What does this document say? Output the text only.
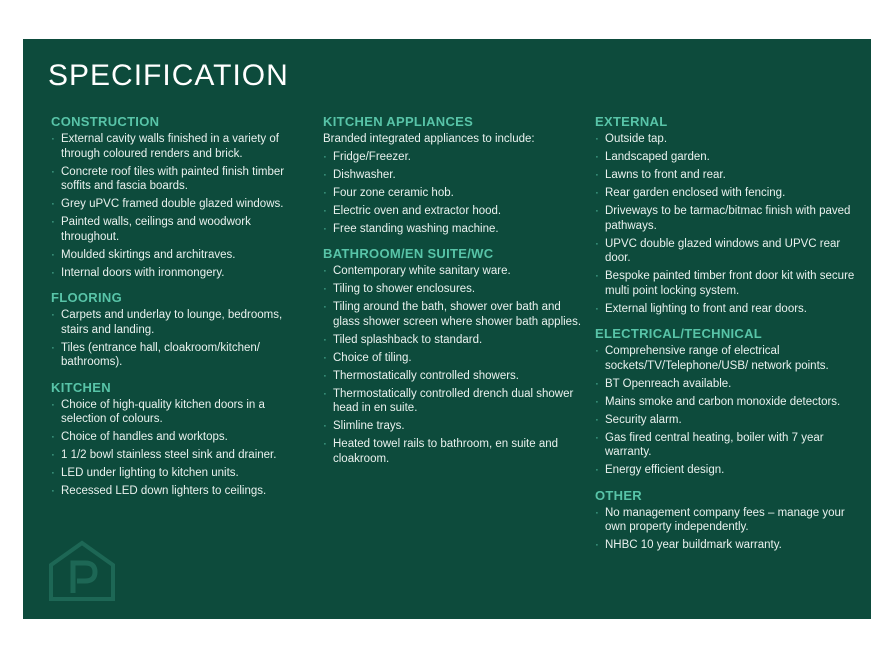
SPECIFICATION
CONSTRUCTION
· External cavity walls finished in a variety of through coloured renders and brick.
· Concrete roof tiles with painted finish timber soffits and fascia boards.
· Grey uPVC framed double glazed windows.
· Painted walls, ceilings and woodwork throughout.
· Moulded skirtings and architraves.
· Internal doors with ironmongery.
FLOORING
· Carpets and underlay to lounge, bedrooms, stairs and landing.
· Tiles (entrance hall, cloakroom/kitchen/ bathrooms).
KITCHEN
· Choice of high-quality kitchen doors in a selection of colours.
· Choice of handles and worktops.
· 1 1/2 bowl stainless steel sink and drainer.
· LED under lighting to kitchen units.
· Recessed LED down lighters to ceilings.
KITCHEN APPLIANCES

Branded integrated appliances to include:

· Fridge/Freezer.
· Dishwasher.
· Four zone ceramic hob.
· Electric oven and extractor hood.
· Free standing washing machine.
BATHROOM/EN SUITE/WC
· Contemporary white sanitary ware.
· Tiling to shower enclosures.
· Tiling around the bath, shower over bath and glass shower screen where shower bath applies.
· Tiled splashback to standard.
· Choice of tiling.
· Thermostatically controlled showers.
· Thermostatically controlled drench dual shower head in en suite.
· Slimline trays.
· Heated towel rails to bathroom, en suite and cloakroom.
EXTERNAL
· Outside tap.
· Landscaped garden.
· Lawns to front and rear.
· Rear garden enclosed with fencing.
· Driveways to be tarmac/bitmac finish with paved pathways.
· UPVC double glazed windows and UPVC rear door.
· Bespoke painted timber front door kit with secure multi point locking system.
· External lighting to front and rear doors.
ELECTRICAL/TECHNICAL
· Comprehensive range of electrical sockets/TV/Telephone/USB/ network points.
· BT Openreach available.
· Mains smoke and carbon monoxide detectors.
· Security alarm.
· Gas fired central heating, boiler with 7 year warranty.
· Energy efficient design.
OTHER
· No management company fees – manage your own property independently.
· NHBC 10 year buildmark warranty.
